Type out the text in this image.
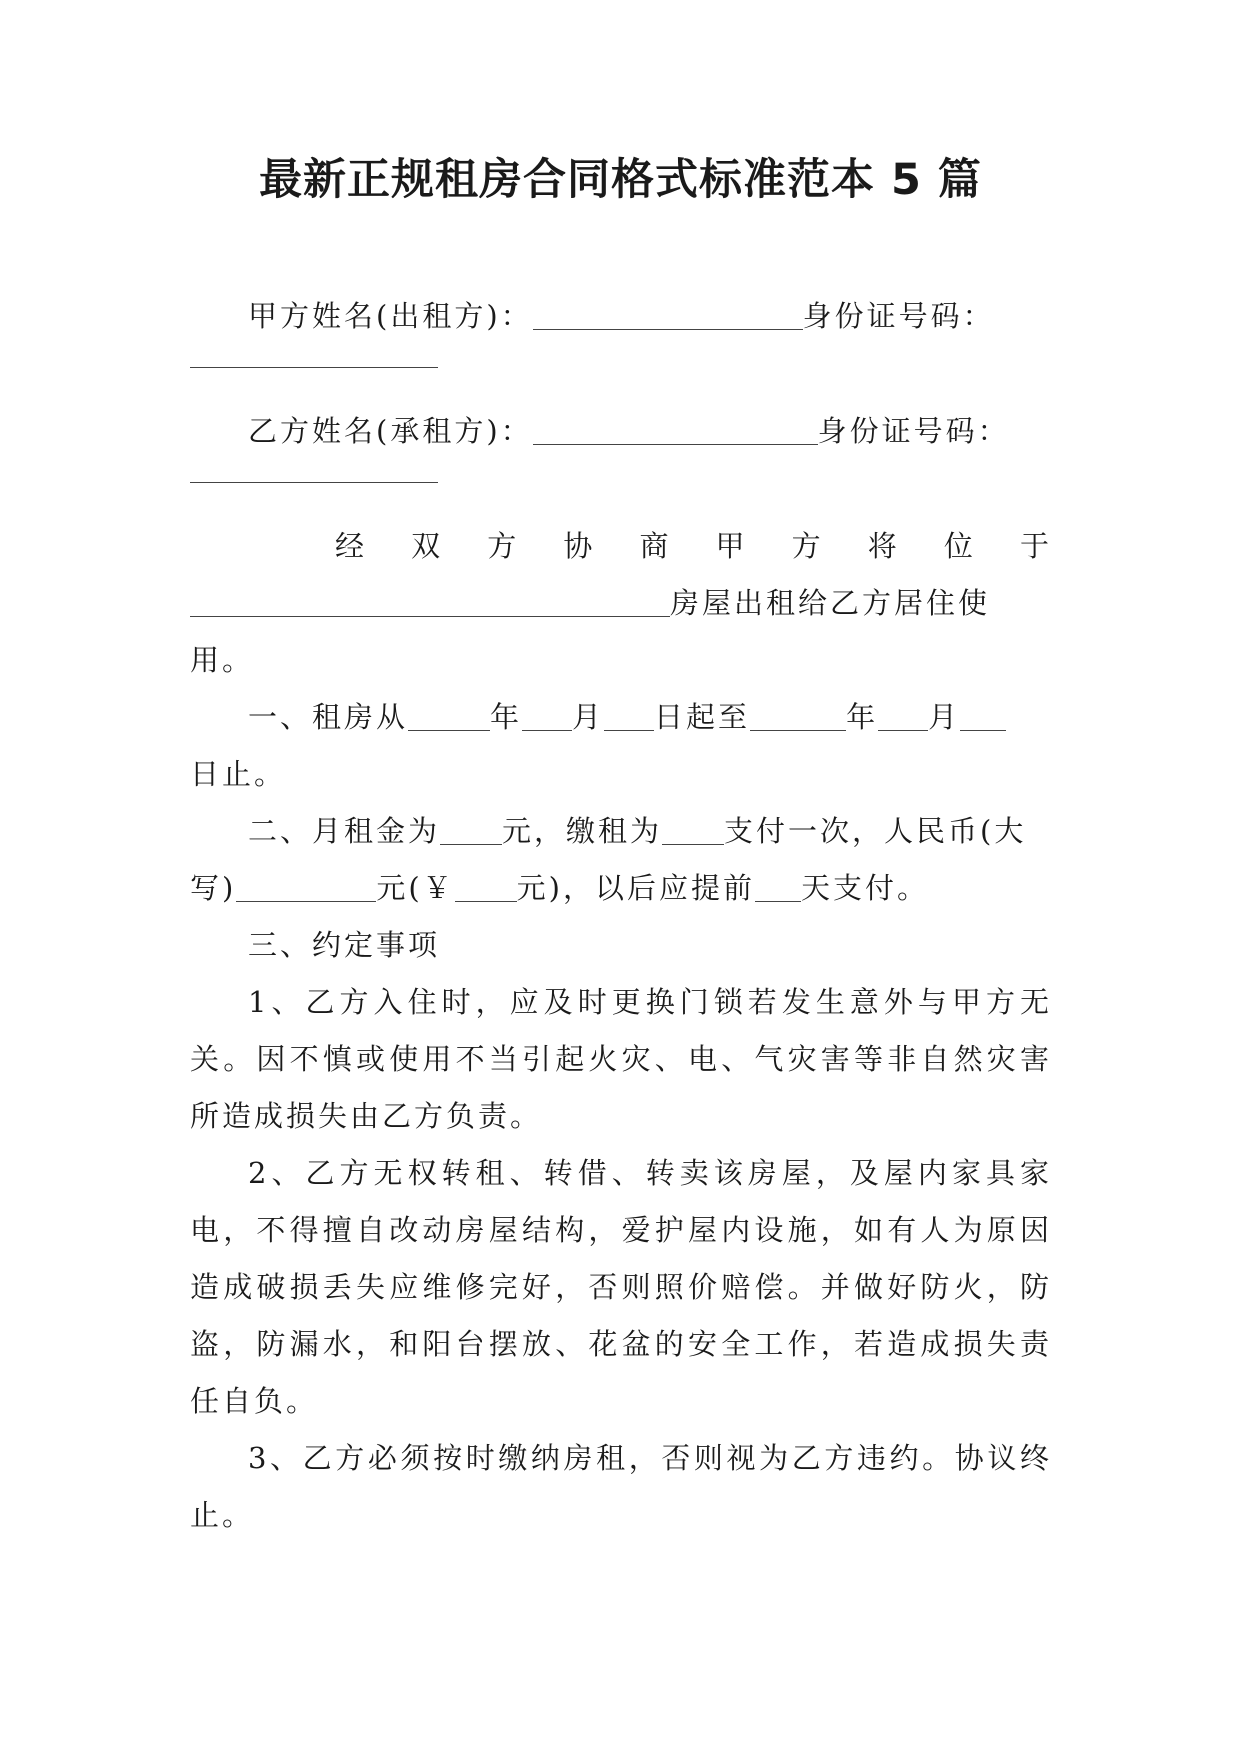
最新正规租房合同格式标准范本 5 篇
甲方姓名(出租方)：	身份证号码：
乙方姓名(承租方)：	身份证号码：
经 双 方 协 商 甲 方 将 位 于
房屋出租给乙方居住使
用。
一、租房从	年 月 日起至	年 月
日止。
二、月租金为 元，缴租为 支付一次，人民币(大
写)	元(￥ 元)，以后应提前 天支付。
三、约定事项

1、乙方入住时，应及时更换门锁若发生意外与甲方无关。因不慎或使用不当引起火灾、电、气灾害等非自然灾害所造成损失由乙方负责。

2、乙方无权转租、转借、转卖该房屋，及屋内家具家电，不得擅自改动房屋结构，爱护屋内设施，如有人为原因造成破损丢失应维修完好，否则照价赔偿。并做好防火，防盗，防漏水，和阳台摆放、花盆的安全工作，若造成损失责任自负。

3、乙方必须按时缴纳房租，否则视为乙方违约。协议终止。
